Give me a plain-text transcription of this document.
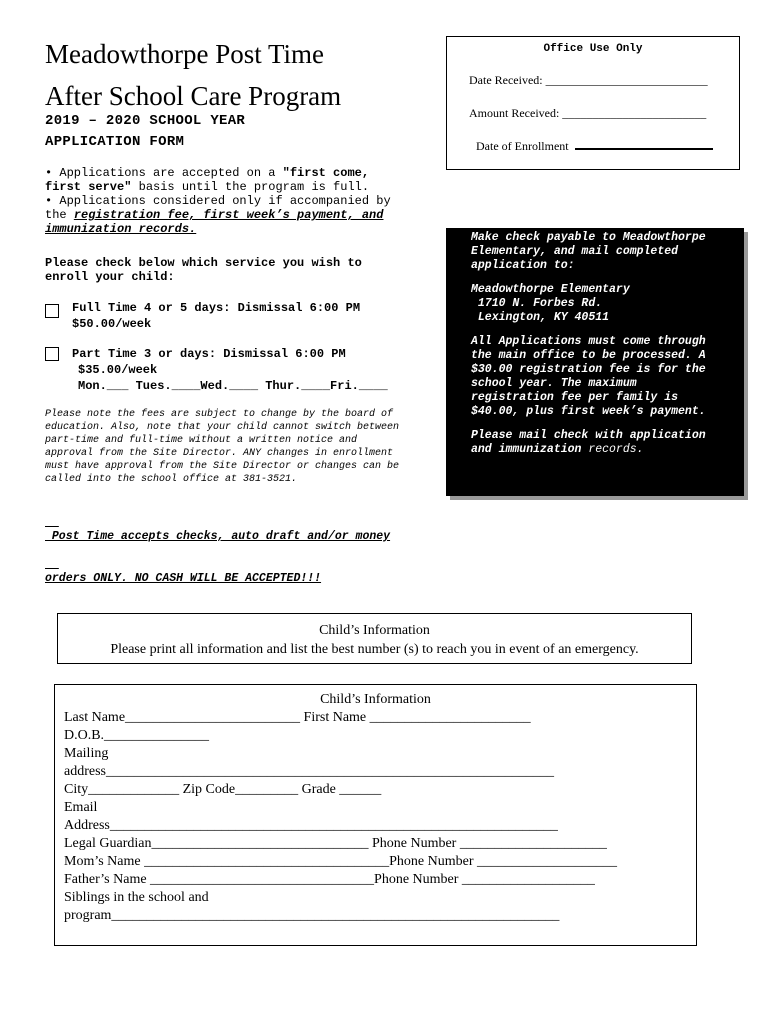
Meadowthorpe Post Time
After School Care Program
2019 – 2020 SCHOOL YEAR
APPLICATION FORM
Office Use Only
Date Received: ___________________________
Amount Received: ________________________
Date of Enrollment
• Applications are accepted on a "first come,
first serve" basis until the program is full.
• Applications considered only if accompanied by
the registration fee, first week’s payment, and
immunization records.
Please check below which service you wish to
enroll your child:
Full Time 4 or 5 days: Dismissal 6:00 PM
$50.00/week
Part Time 3 or days: Dismissal 6:00 PM
$35.00/week
Mon.___ Tues.____Wed.____ Thur.____Fri.____
Please note the fees are subject to change by the board of
education. Also, note that your child cannot switch between
part-time and full-time without a written notice and
approval from the Site Director. ANY changes in enrollment
must have approval from the Site Director or changes can be
called into the school office at 381-3521.

Post Time accepts checks, auto draft and/or money

orders ONLY. NO CASH WILL BE ACCEPTED!!!

Make check payable to Meadowthorpe
Elementary, and mail completed
application to:

Meadowthorpe Elementary
1710 N. Forbes Rd.
Lexington, KY 40511

All Applications must come through
the main office to be processed. A
$30.00 registration fee is for the
school year. The maximum
registration fee per family is
$40.00, plus first week’s payment.

Please mail check with application
and immunization records.

Child’s Information
Please print all information and list the best number (s) to reach you in event of an emergency.
Child’s Information
Last Name_________________________ First Name _______________________
D.O.B._______________
Mailing
address________________________________________________________________
City_____________ Zip Code_________ Grade ______
Email
Address________________________________________________________________
Legal Guardian_______________________________ Phone Number _____________________
Mom’s Name ___________________________________Phone Number ____________________
Father’s Name ________________________________Phone Number ___________________
Siblings in the school and
program________________________________________________________________
